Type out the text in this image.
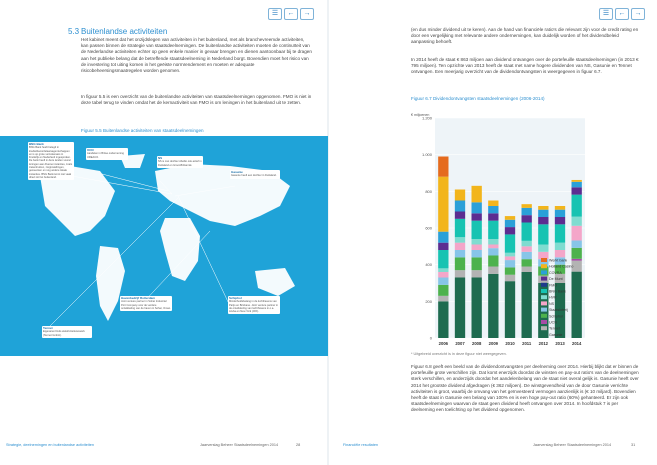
☰	←	→
5.3 Buitenlandse activiteiten
Het kabinet meent dat het onzijdslegen van activiteiten in het buitenland, met als branchevreemde activiteiten, kan passen binnen de strategie van staatsdeelnemingen. De buitenlandse activiteiten moeten de continuïteit van de Nederlandse activiteiten echter op geen enkele manier in gevaar brengen en dienen aantoonbaar bij te dragen aan het publieke belang dat de betreffende staatsdeelneming in Nederland borgt. Bovendien moet het risico van de investering tot uiting komen in het geëiste normrendement en moeten er adequate risicobeheersingsmaatregelen worden genomen.
In figuur 5.5 is een overzicht van de buitenlandse activiteiten van staatsdeelnemingen opgenomen. FMO is niet in deze tabel terug te vinden omdat het de kernactiviteit van FMO is om leningen in het buitenland uit te zetten.
Figuur 5.5 Buitenlandse activiteiten van staatsdeelnemingen
BNG Bank
BNG Bank heeft belegd in kredietbeoordelaarsagentschappen en is op grote verzekeraars in Frankrijk en Nederland ingesproken. De bank heeft in deze landen vooral leningen aan diverse instanties, zoals ziekenhuizen, zorginstellingen, gemeenten en nog andere lokale instanties. BNG Bank komt niet vaak direct tot het buitenland.
UCN
Aandelen in Britse onderneming UREACO.	NS
NS is met dochter Abellio ook actief in Duitsland en Groot-Brittannië.
Gasunie
Gasunie heeft een dochter in Duitsland.
Havenbedrijf Rotterdam
Joint venture partner in Sohar Industrial Port Company voor de verdere ontwikkeling van de haven in Sohar, Oman.
Schiphol
Minderheidsbelang in de luchthavens van Parijs en Brisbane. Joint venture partner in de ontwikkeling van luchthavens in o.a. Aruba en New York (JFK).
Tennet
Eigenaren Duits elektriciteitsnetwerk (Tennet GmbH).
Strategie, deelnemingen en buitenlandse activiteiten	Jaarverslag Beheer Staatsdeelnemingen 2014	28
☰	←	→
(en dus minder dividend uit te keren). Aan de hand van financiële ratio's die relevant zijn voor de credit rating en door een vergelijking met relevante andere ondernemingen, kan duidelijk worden of het dividendbeleid aanpassing behoeft.
In 2014 heeft de staat € 863 miljoen aan dividend ontvangen over de portefeuille staatsdeelnemingen (in 2013 € 795 miljoen). Ten opzichte van 2013 heeft de staat met name hogere dividenden van NS, Gasunie en Tennet ontvangen. Een meerjarig overzicht van de dividendontvangsten is weergegeven in figuur 6.7.
Figuur 6.7 Dividendontvangsten staatsdeelnemingen (2006-2014)
0
200
400
600
800
1.000
1.200
€ miljoenen
2006 2007 2008 2009 2010 2011 2012 2013 2014
Werkt bank
Holland Casino
COVRA
De Munt
FMO
BNG Bank
HVR
NS
Staatsloterij
Schiphol
UCN
Tennet
Gasunie
* Uitgebreid overzicht is in deze figuur niet weergegeven.
Figuur 6.8 geeft een beeld van de dividendontvangsten per deelneming over 2014. Hierbij blijkt dat er binnen de portefeuille grote verschillen zijn. Dat komt enerzijds doordat de winsten en pay-out ratio's van de deelnemingen sterk verschillen, en anderzijds doordat het aandelenbelang van de staat niet overal gelijk is. Gasunie heeft over 2014 het grootste dividend afgedragen (€ 362 miljoen). De winstgevendheid van de door Gasunie verrichte activiteiten is groot, waarbij de omvang van het geïnvesteerd vermogen aanzienlijk is (€ 10 miljard). Bovendien heeft de staat in Gasunie een belang van 100% en is een hoge pay-out ratio (60%) gehanteerd. Er zijn ook staatsdeelnemingen waarvan de staat geen dividend heeft ontvangen over 2014. In hoofdstuk 7 is per deelneming een toelichting op het dividend opgenomen.
Financiële resultaten	Jaarverslag Beheer Staatsdeelnemingen 2014	31
